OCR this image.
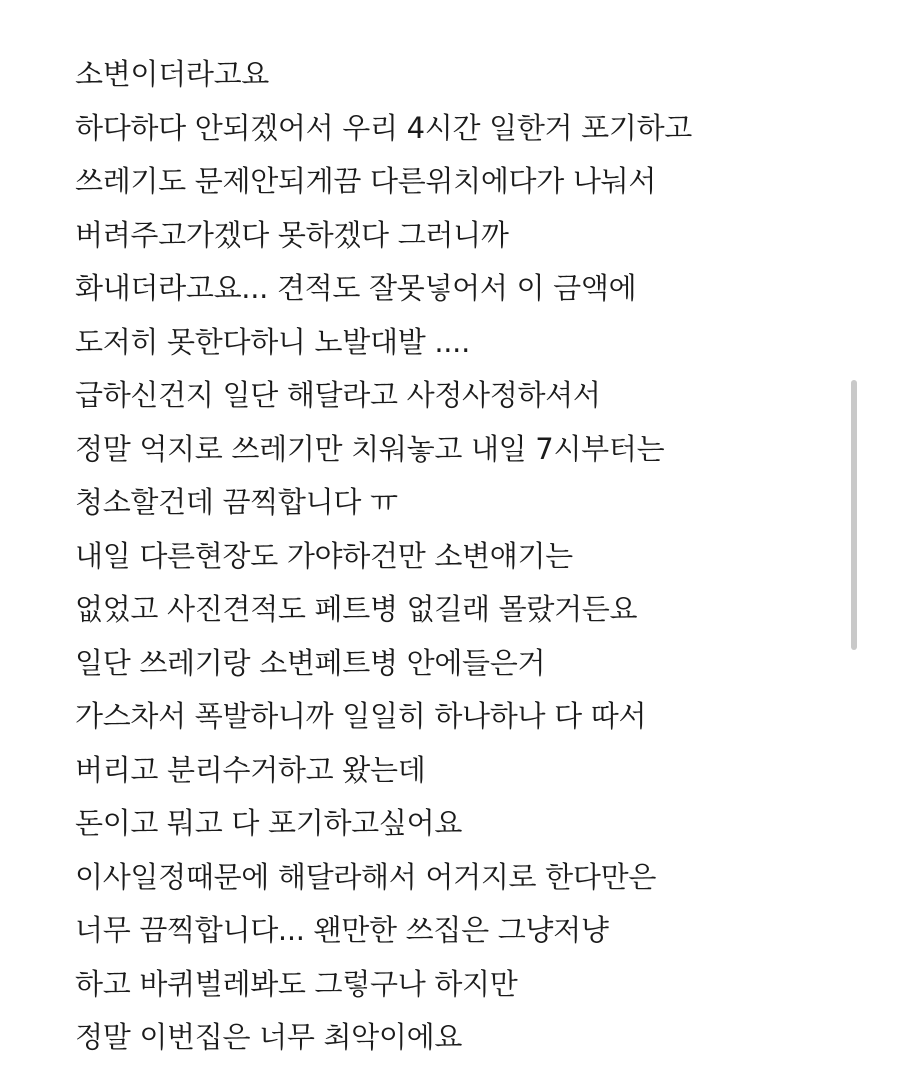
소변이더라고요
하다하다 안되겠어서 우리 4시간 일한거 포기하고
쓰레기도 문제안되게끔 다른위치에다가 나눠서
버려주고가겠다 못하겠다 그러니까
화내더라고요... 견적도 잘못넣어서 이 금액에
도저히 못한다하니 노발대발 ....
급하신건지 일단 해달라고 사정사정하셔서
정말 억지로 쓰레기만 치워놓고 내일 7시부터는
청소할건데 끔찍합니다 ㅠ
내일 다른현장도 가야하건만 소변얘기는
없었고 사진견적도 페트병 없길래 몰랐거든요
일단 쓰레기랑 소변페트병 안에들은거
가스차서 폭발하니까 일일히 하나하나 다 따서
버리고 분리수거하고 왔는데
돈이고 뭐고 다 포기하고싶어요
이사일정때문에 해달라해서 어거지로 한다만은
너무 끔찍합니다... 왠만한 쓰집은 그냥저냥
하고 바퀴벌레봐도 그렇구나 하지만
정말 이번집은 너무 최악이에요
